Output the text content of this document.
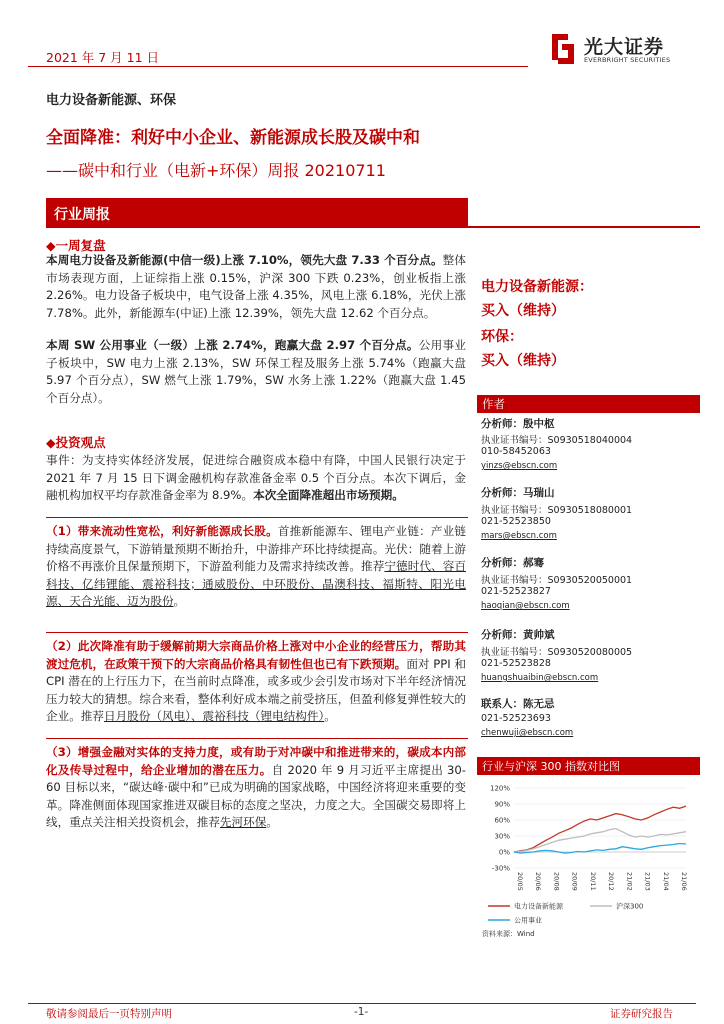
2021 年 7 月 11 日	光大证券
EVERBRIGHT SECURITIES
电力设备新能源、环保
全面降准：利好中小企业、新能源成长股及碳中和
——碳中和行业（电新+环保）周报 20210711
行业周报
◆一周复盘
本周电力设备及新能源(中信一级)上涨 7.10%，领先大盘 7.33 个百分点。整体市场表现方面，上证综指上涨 0.15%，沪深 300 下跌 0.23%，创业板指上涨 2.26%。电力设备子板块中，电气设备上涨 4.35%，风电上涨 6.18%，光伏上涨 7.78%。此外，新能源车(中证)上涨 12.39%，领先大盘 12.62 个百分点。
本周 SW 公用事业（一级）上涨 2.74%，跑赢大盘 2.97 个百分点。公用事业子板块中，SW 电力上涨 2.13%，SW 环保工程及服务上涨 5.74%（跑赢大盘 5.97 个百分点），SW 燃气上涨 1.79%，SW 水务上涨 1.22%（跑赢大盘 1.45 个百分点）。
◆投资观点
事件：为支持实体经济发展，促进综合融资成本稳中有降，中国人民银行决定于 2021 年 7 月 15 日下调金融机构存款准备金率 0.5 个百分点。本次下调后，金融机构加权平均存款准备金率为 8.9%。本次全面降准超出市场预期。
（1）带来流动性宽松，利好新能源成长股。首推新能源车、锂电产业链：产业链持续高度景气，下游销量预期不断抬升，中游排产环比持续提高。光伏：随着上游价格不再涨价且保量预期下，下游盈利能力及需求持续改善。推荐宁德时代、容百科技、亿纬锂能、震裕科技；通威股份、中环股份、晶澳科技、福斯特、阳光电源、天合光能、迈为股份。
（2）此次降准有助于缓解前期大宗商品价格上涨对中小企业的经营压力，帮助其渡过危机，在政策干预下的大宗商品价格具有韧性但也已有下跌预期。面对 PPI 和 CPI 潜在的上行压力下，在当前时点降准，或多或少会引发市场对下半年经济情况压力较大的猜想。综合来看，整体利好成本端之前受挤压，但盈利修复弹性较大的企业。推荐日月股份（风电）、震裕科技（锂电结构件）。
（3）增强金融对实体的支持力度，或有助于对冲碳中和推进带来的，碳成本内部化及传导过程中，给企业增加的潜在压力。自 2020 年 9 月习近平主席提出 30-60 目标以来，“碳达峰·碳中和”已成为明确的国家战略，中国经济将迎来重要的变革。降准侧面体现国家推进双碳目标的态度之坚决，力度之大。全国碳交易即将上线，重点关注相关投资机会，推荐先河环保。
电力设备新能源：
买入（维持）
环保：
买入（维持）
作者
分析师：殷中枢
执业证书编号：S0930518040004
010-58452063
yinzs@ebscn.com
分析师：马瑞山
执业证书编号：S0930518080001
021-52523850
mars@ebscn.com
分析师：郝骞
执业证书编号：S0930520050001
021-52523827
haoqian@ebscn.com
分析师：黄帅斌
执业证书编号：S0930520080005
021-52523828
huangshuaibin@ebscn.com
联系人：陈无忌
021-52523693
chenwuji@ebscn.com
行业与沪深 300 指数对比图
120%
90%
60%
30%
0%
-30%
20/05 20/06 20/08 20/09 20/11 20/12 21/02 21/03 21/04 21/06
电力设备新能源	沪深300
公用事业
资料来源：Wind
敬请参阅最后一页特别声明	-1-	证券研究报告
